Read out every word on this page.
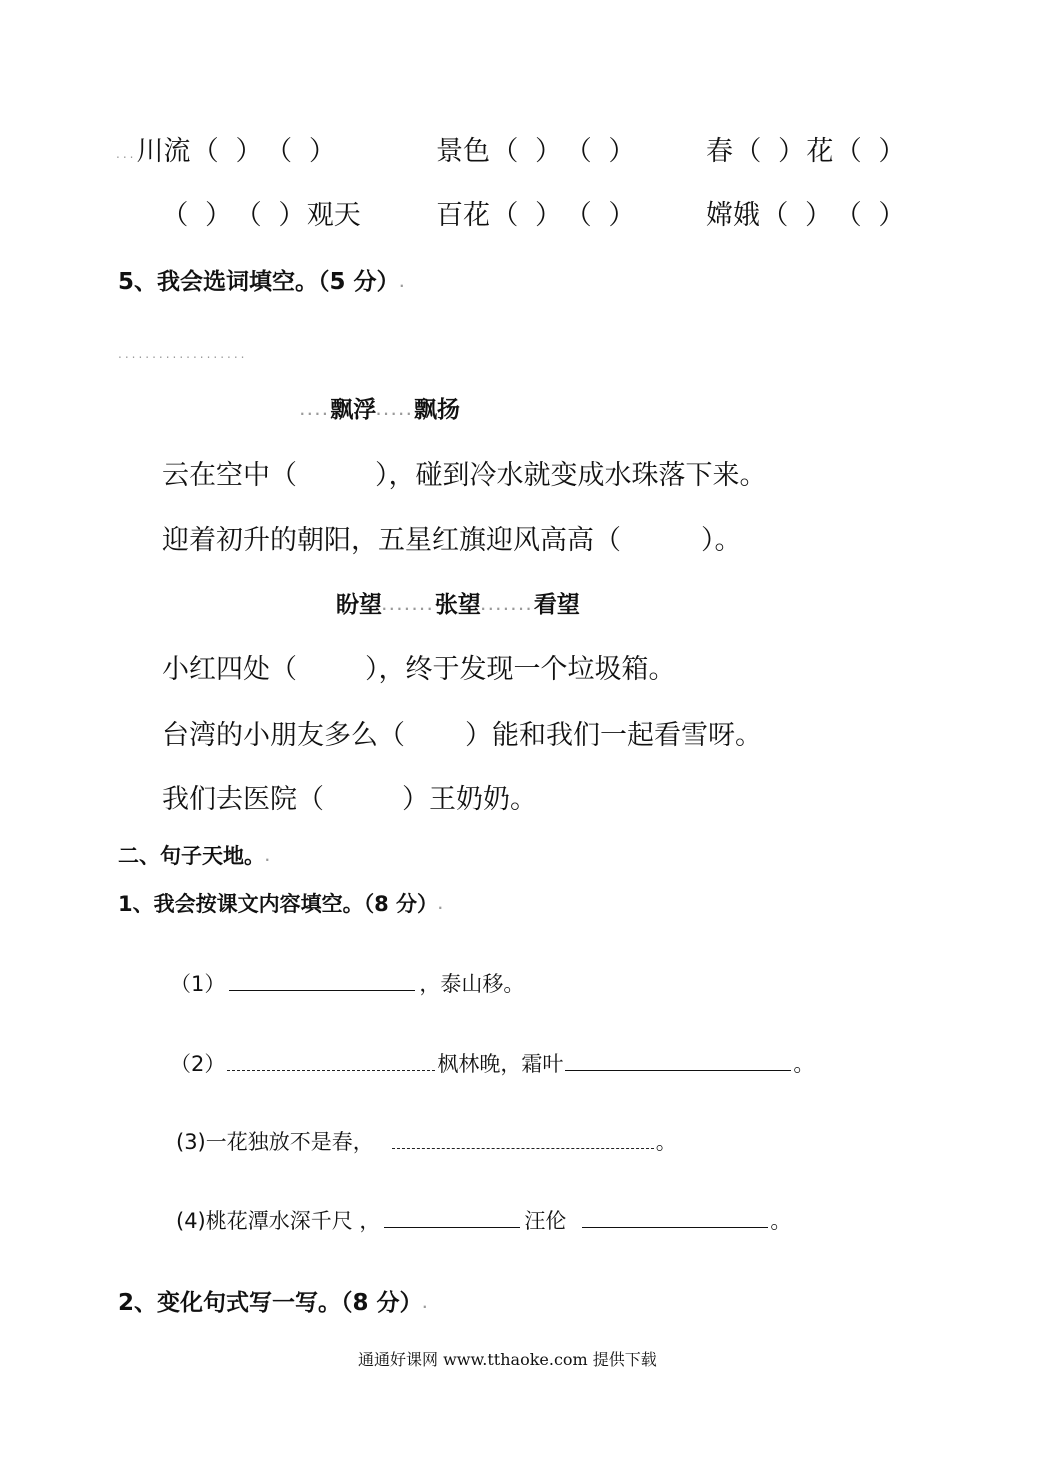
...川流（ ）（ ）	景色（ ）（ ）	春（ ）花（ ）
（ ）（ ）观天	百花（ ）（ ）	嫦娥（ ）（ ）
5、我会选词填空。（5 分）.
...................
....飘浮.....飘扬
云在空中（	），碰到冷水就变成水珠落下来。
迎着初升的朝阳，五星红旗迎风高高（	）。
盼望.......张望.......看望
小红四处（	），终于发现一个垃圾箱。
台湾的小朋友多么（ ）能和我们一起看雪呀。
我们去医院（	）王奶奶。
二、句子天地。.
1、我会按课文内容填空。（8 分）.
（1）	，泰山移。
（2）	枫林晚，霜叶	。
(3)一花独放不是春，	。
(4)桃花潭水深千尺 ，	汪伦	。
2、变化句式写一写。（8 分）.
通通好课网 www.tthaoke.com 提供下载
